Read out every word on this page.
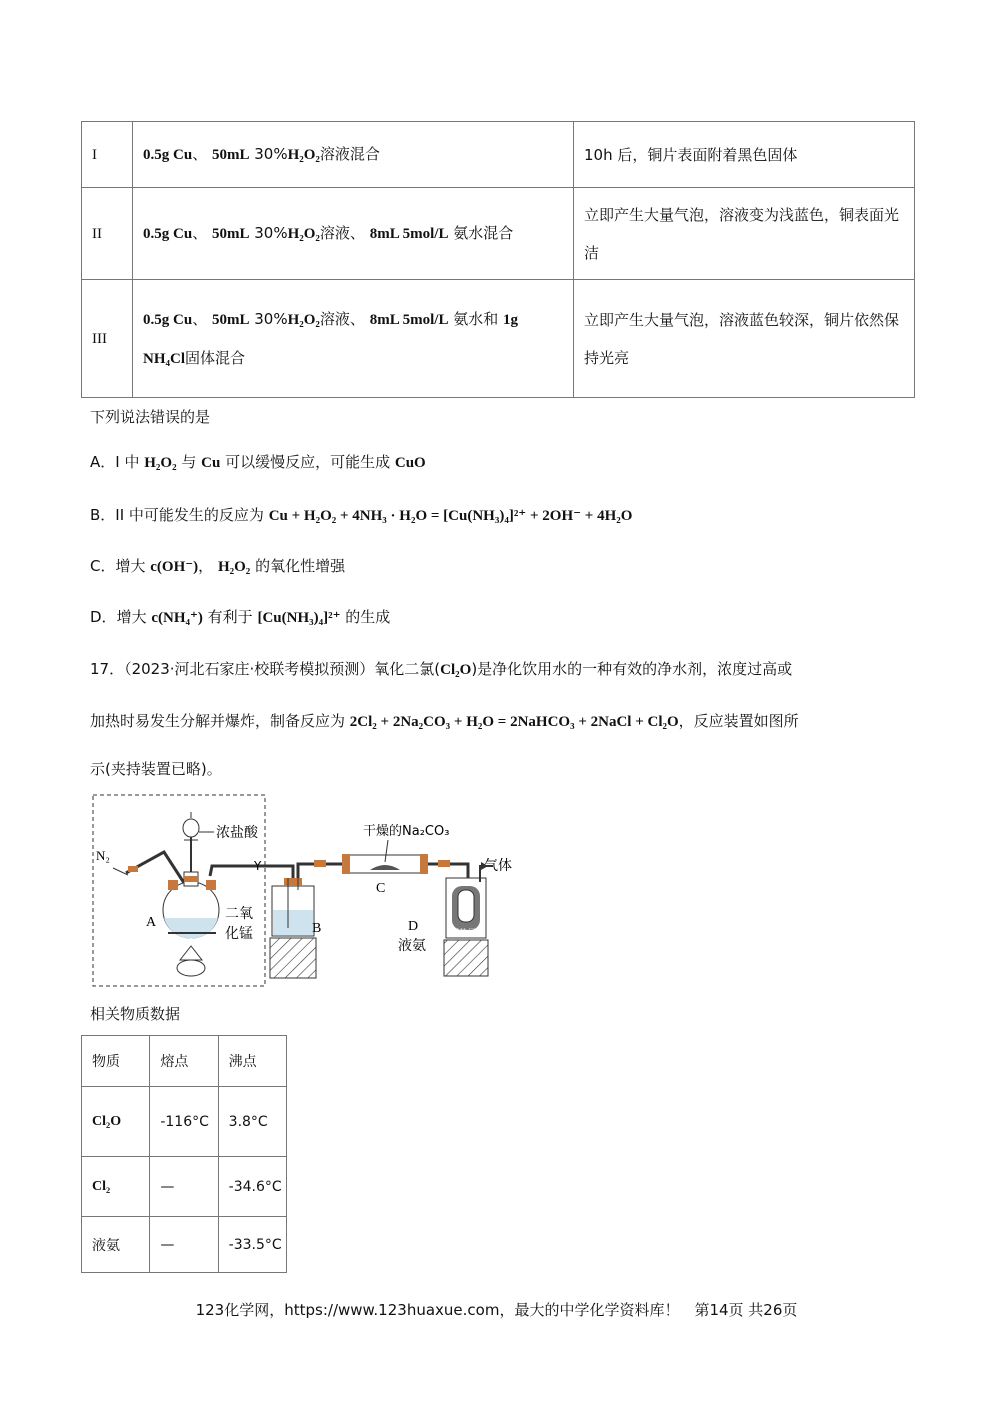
I	0.5g Cu、 50mL 30%H₂O₂溶液混合	10h 后，铜片表面附着黑色固体
II	0.5g Cu、 50mL 30%H₂O₂溶液、 8mL 5mol/L 氨水混合	立即产生大量气泡，溶液变为浅蓝色，铜表面光洁
III	0.5g Cu、 50mL 30%H₂O₂溶液、 8mL 5mol/L 氨水和 1g NH₄Cl固体混合	立即产生大量气泡，溶液蓝色较深，铜片依然保持光亮
下列说法错误的是
A．I 中 H₂O₂ 与 Cu 可以缓慢反应，可能生成 CuO
B．II 中可能发生的反应为 Cu + H₂O₂ + 4NH₃ · H₂O = [Cu(NH₃)₄]²⁺ + 2OH⁻ + 4H₂O
C．增大 c(OH⁻)， H₂O₂ 的氧化性增强
D．增大 c(NH₄⁺) 有利于 [Cu(NH₃)₄]²⁺ 的生成
17．（2023·河北石家庄·校联考模拟预测）氧化二氯(Cl₂O)是净化饮用水的一种有效的净水剂，浓度过高或
加热时易发生分解并爆炸，制备反应为 2Cl₂ + 2Na₂CO₃ + H₂O = 2NaHCO₃ + 2NaCl + Cl₂O，反应装置如图所
示(夹持装置已略)。
N₂
浓盐酸
A
二氧
化锰
Y
B
干燥的Na₂CO₃
C
隔热层
气体
D
液氨
相关物质数据
物质	熔点	沸点
Cl₂O	-116°C	3.8°C
Cl₂	—	-34.6°C
液氨	—	-33.5°C
123化学网，https://www.123huaxue.com，最大的中学化学资料库！　第14页 共26页
